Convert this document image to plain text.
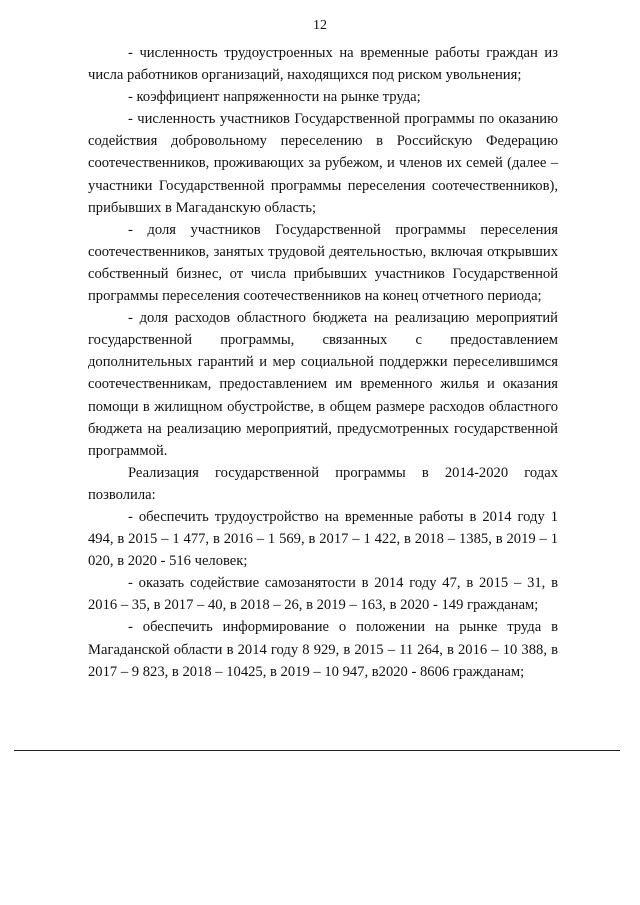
12

- численность трудоустроенных на временные работы граждан из числа работников организаций, находящихся под риском увольнения;

- коэффициент напряженности на рынке труда;

- численность участников Государственной программы по оказанию содействия добровольному переселению в Российскую Федерацию соотечественников, проживающих за рубежом, и членов их семей (далее – участники Государственной программы переселения соотечественников), прибывших в Магаданскую область;

- доля участников Государственной программы переселения соотечественников, занятых трудовой деятельностью, включая открывших собственный бизнес, от числа прибывших участников Государственной программы переселения соотечественников на конец отчетного периода;

- доля расходов областного бюджета на реализацию мероприятий государственной программы, связанных с предоставлением дополнительных гарантий и мер социальной поддержки переселившимся соотечественникам, предоставлением им временного жилья и оказания помощи в жилищном обустройстве, в общем размере расходов областного бюджета на реализацию мероприятий, предусмотренных государственной программой.

Реализация государственной программы в 2014-2020 годах позволила:

- обеспечить трудоустройство на временные работы в 2014 году 1 494, в 2015 – 1 477, в 2016 – 1 569, в 2017 – 1 422, в 2018 – 1385, в 2019 – 1 020, в 2020 - 516 человек;

- оказать содействие самозанятости в 2014 году 47, в 2015 – 31, в 2016 – 35, в 2017 – 40, в 2018 – 26, в 2019 – 163, в 2020 - 149 гражданам;

- обеспечить информирование о положении на рынке труда в Магаданской области в 2014 году 8 929, в 2015 – 11 264, в 2016 – 10 388, в 2017 – 9 823, в 2018 – 10425, в 2019 – 10 947, в2020 - 8606 гражданам;
